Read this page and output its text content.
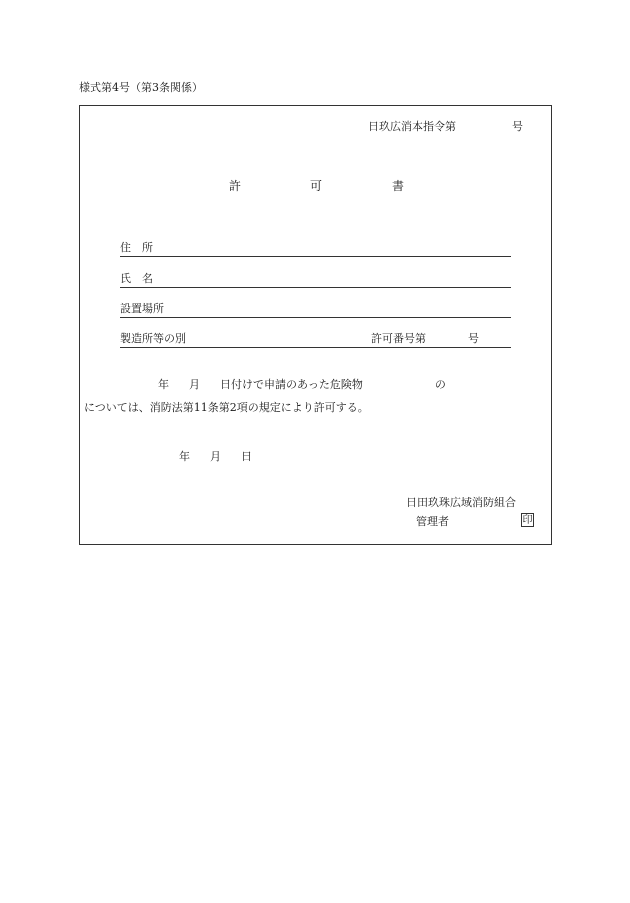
様式第4号（第3条関係）
日玖広消本指令第	号
許	可	書
住　所
氏　名
設置場所
製造所等の別	許可番号第	号
年 月 日付けで申請のあった危険物	の
については、消防法第11条第2項の規定により許可する。
年 月 日
日田玖珠広域消防組合
管理者	印
